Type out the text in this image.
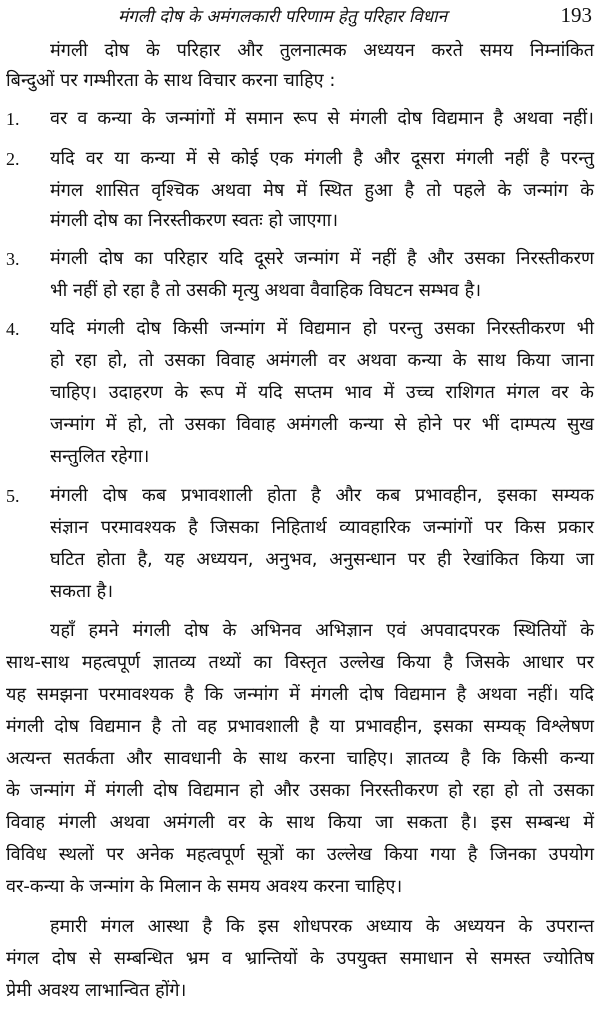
मंगली दोष के अमंगलकारी परिणाम हेतु परिहार विधान	193
मंगली दोष के परिहार और तुलनात्मक अध्ययन करते समय निम्नांकित
बिन्दुओं पर गम्भीरता के साथ विचार करना चाहिए :
1. वर व कन्या के जन्मांगों में समान रूप से मंगली दोष विद्यमान है अथवा नहीं।
2. यदि वर या कन्या में से कोई एक मंगली है और दूसरा मंगली नहीं है परन्तु
मंगल शासित वृश्चिक अथवा मेष में स्थित हुआ है तो पहले के जन्मांग के
मंगली दोष का निरस्तीकरण स्वतः हो जाएगा।
3. मंगली दोष का परिहार यदि दूसरे जन्मांग में नहीं है और उसका निरस्तीकरण
भी नहीं हो रहा है तो उसकी मृत्यु अथवा वैवाहिक विघटन सम्भव है।
4. यदि मंगली दोष किसी जन्मांग में विद्यमान हो परन्तु उसका निरस्तीकरण भी
हो रहा हो, तो उसका विवाह अमंगली वर अथवा कन्या के साथ किया जाना
चाहिए। उदाहरण के रूप में यदि सप्तम भाव में उच्च राशिगत मंगल वर के
जन्मांग में हो, तो उसका विवाह अमंगली कन्या से होने पर भीं दाम्पत्य सुख
सन्तुलित रहेगा।
5. मंगली दोष कब प्रभावशाली होता है और कब प्रभावहीन, इसका सम्यक
संज्ञान परमावश्यक है जिसका निहितार्थ व्यावहारिक जन्मांगों पर किस प्रकार
घटित होता है, यह अध्ययन, अनुभव, अनुसन्धान पर ही रेखांकित किया जा
सकता है।
यहाँ हमने मंगली दोष के अभिनव अभिज्ञान एवं अपवादपरक स्थितियों के
साथ-साथ महत्वपूर्ण ज्ञातव्य तथ्यों का विस्तृत उल्लेख किया है जिसके आधार पर
यह समझना परमावश्यक है कि जन्मांग में मंगली दोष विद्यमान है अथवा नहीं। यदि
मंगली दोष विद्यमान है तो वह प्रभावशाली है या प्रभावहीन, इसका सम्यक् विश्लेषण
अत्यन्त सतर्कता और सावधानी के साथ करना चाहिए। ज्ञातव्य है कि किसी कन्या
के जन्मांग में मंगली दोष विद्यमान हो और उसका निरस्तीकरण हो रहा हो तो उसका
विवाह मंगली अथवा अमंगली वर के साथ किया जा सकता है। इस सम्बन्ध में
विविध स्थलों पर अनेक महत्वपूर्ण सूत्रों का उल्लेख किया गया है जिनका उपयोग
वर-कन्या के जन्मांग के मिलान के समय अवश्य करना चाहिए।
हमारी मंगल आस्था है कि इस शोधपरक अध्याय के अध्ययन के उपरान्त
मंगल दोष से सम्बन्धित भ्रम व भ्रान्तियों के उपयुक्त समाधान से समस्त ज्योतिष
प्रेमी अवश्य लाभान्वित होंगे।
